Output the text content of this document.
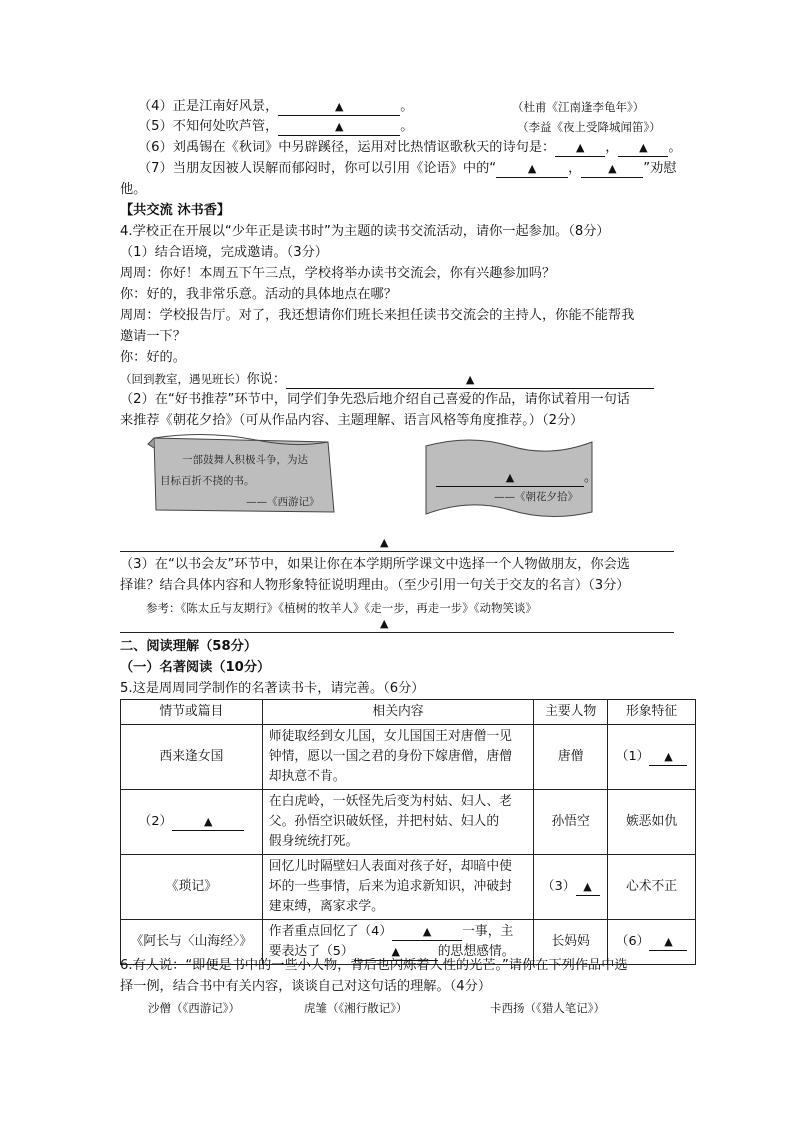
（4）正是江南好风景，	▲	。	（杜甫《江南逢李龟年》）
（5）不知何处吹芦管，	▲	。	（李益《夜上受降城闻笛》）
（6）刘禹锡在《秋词》中另辟蹊径，运用对比热情讴歌秋天的诗句是： ▲ ， ▲ 。
（7）当朋友因被人误解而郁闷时，你可以引用《论语》中的“	▲ ， ▲ ”劝慰
他。
【共交流 沐书香】
4.学校正在开展以“少年正是读书时”为主题的读书交流活动，请你一起参加。（8分）
（1）结合语境，完成邀请。（3分）
周周：你好！本周五下午三点，学校将举办读书交流会，你有兴趣参加吗？
你：好的，我非常乐意。活动的具体地点在哪？
周周：学校报告厅。对了，我还想请你们班长来担任读书交流会的主持人，你能不能帮我
邀请一下？
你：好的。
（回到教室，遇见班长）你说：	▲
（2）在“好书推荐”环节中，同学们争先恐后地介绍自己喜爱的作品，请你试着用一句话
来推荐《朝花夕拾》（可从作品内容、主题理解、语言风格等角度推荐。）（2分）
一部鼓舞人积极斗争，为达
目标百折不挠的书。
——《西游记》
▲	。
——《朝花夕拾》
▲
（3）在“以书会友”环节中，如果让你在本学期所学课文中选择一个人物做朋友，你会选
择谁？结合具体内容和人物形象特征说明理由。（至少引用一句关于交友的名言）（3分）
参考：《陈太丘与友期行》《植树的牧羊人》《走一步，再走一步》《动物笑谈》
▲
二、阅读理解（58分）
（一）名著阅读（10分）
5.这是周周同学制作的名著读书卡，请完善。（6分）
情节或篇目	相关内容	主要人物	形象特征
西来逢女国	师徒取经到女儿国，女儿国国王对唐僧一见
钟情，愿以一国之君的身份下嫁唐僧，唐僧
却执意不肯。	唐僧	（1） ▲
（2） ▲	在白虎岭，一妖怪先后变为村姑、妇人、老
父。孙悟空识破妖怪，并把村姑、妇人的
假身统统打死。	孙悟空	嫉恶如仇
《琐记》	回忆儿时隔壁妇人表面对孩子好，却暗中使
坏的一些事情，后来为追求新知识，冲破封
建束缚，离家求学。	（3） ▲	心术不正
《阿长与〈山海经〉》	作者重点回忆了（4） ▲ 一事，主
要表达了（5） ▲ 的思想感情。	长妈妈	（6） ▲
6.有人说：“即便是书中的一些小人物，背后也闪烁着人性的光芒。”请你在下列作品中选
择一例，结合书中有关内容，谈谈自己对这句话的理解。（4分）
沙僧（《西游记》）	虎雏（《湘行散记》）	卡西扬（《猎人笔记》）
